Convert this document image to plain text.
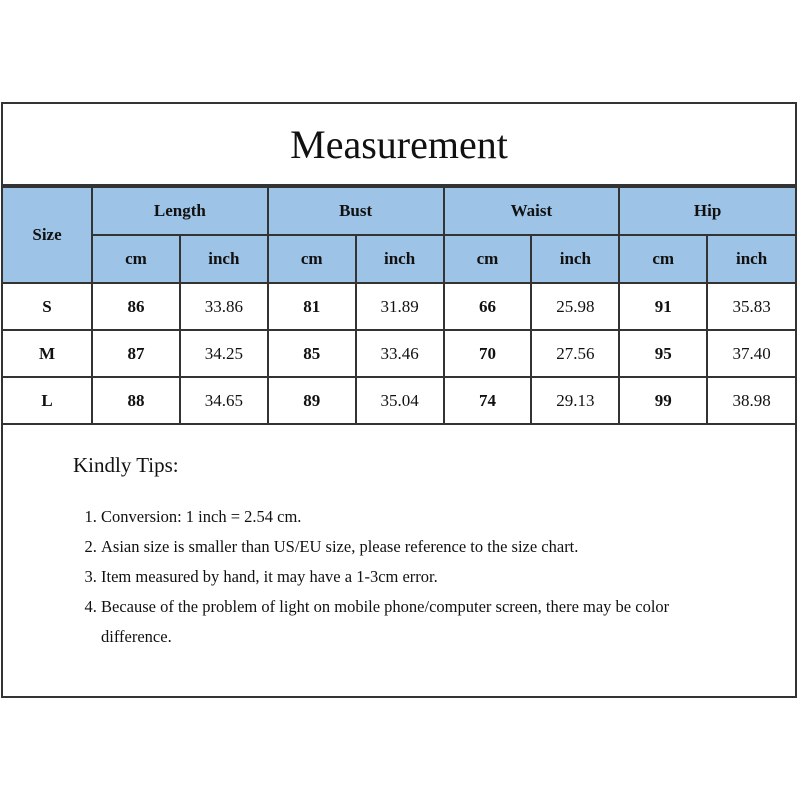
Measurement
Size	Length		Bust		Waist		Hip	
	cm	inch	cm	inch	cm	inch	cm	inch
S	86	33.86	81	31.89	66	25.98	91	35.83
M	87	34.25	85	33.46	70	27.56	95	37.40
L	88	34.65	89	35.04	74	29.13	99	38.98
Kindly Tips:
1. Conversion: 1 inch = 2.54 cm.
2. Asian size is smaller than US/EU size, please reference to the size chart.
3. Item measured by hand, it may have a 1-3cm error.
4. Because of the problem of light on mobile phone/computer screen, there may be color difference.
